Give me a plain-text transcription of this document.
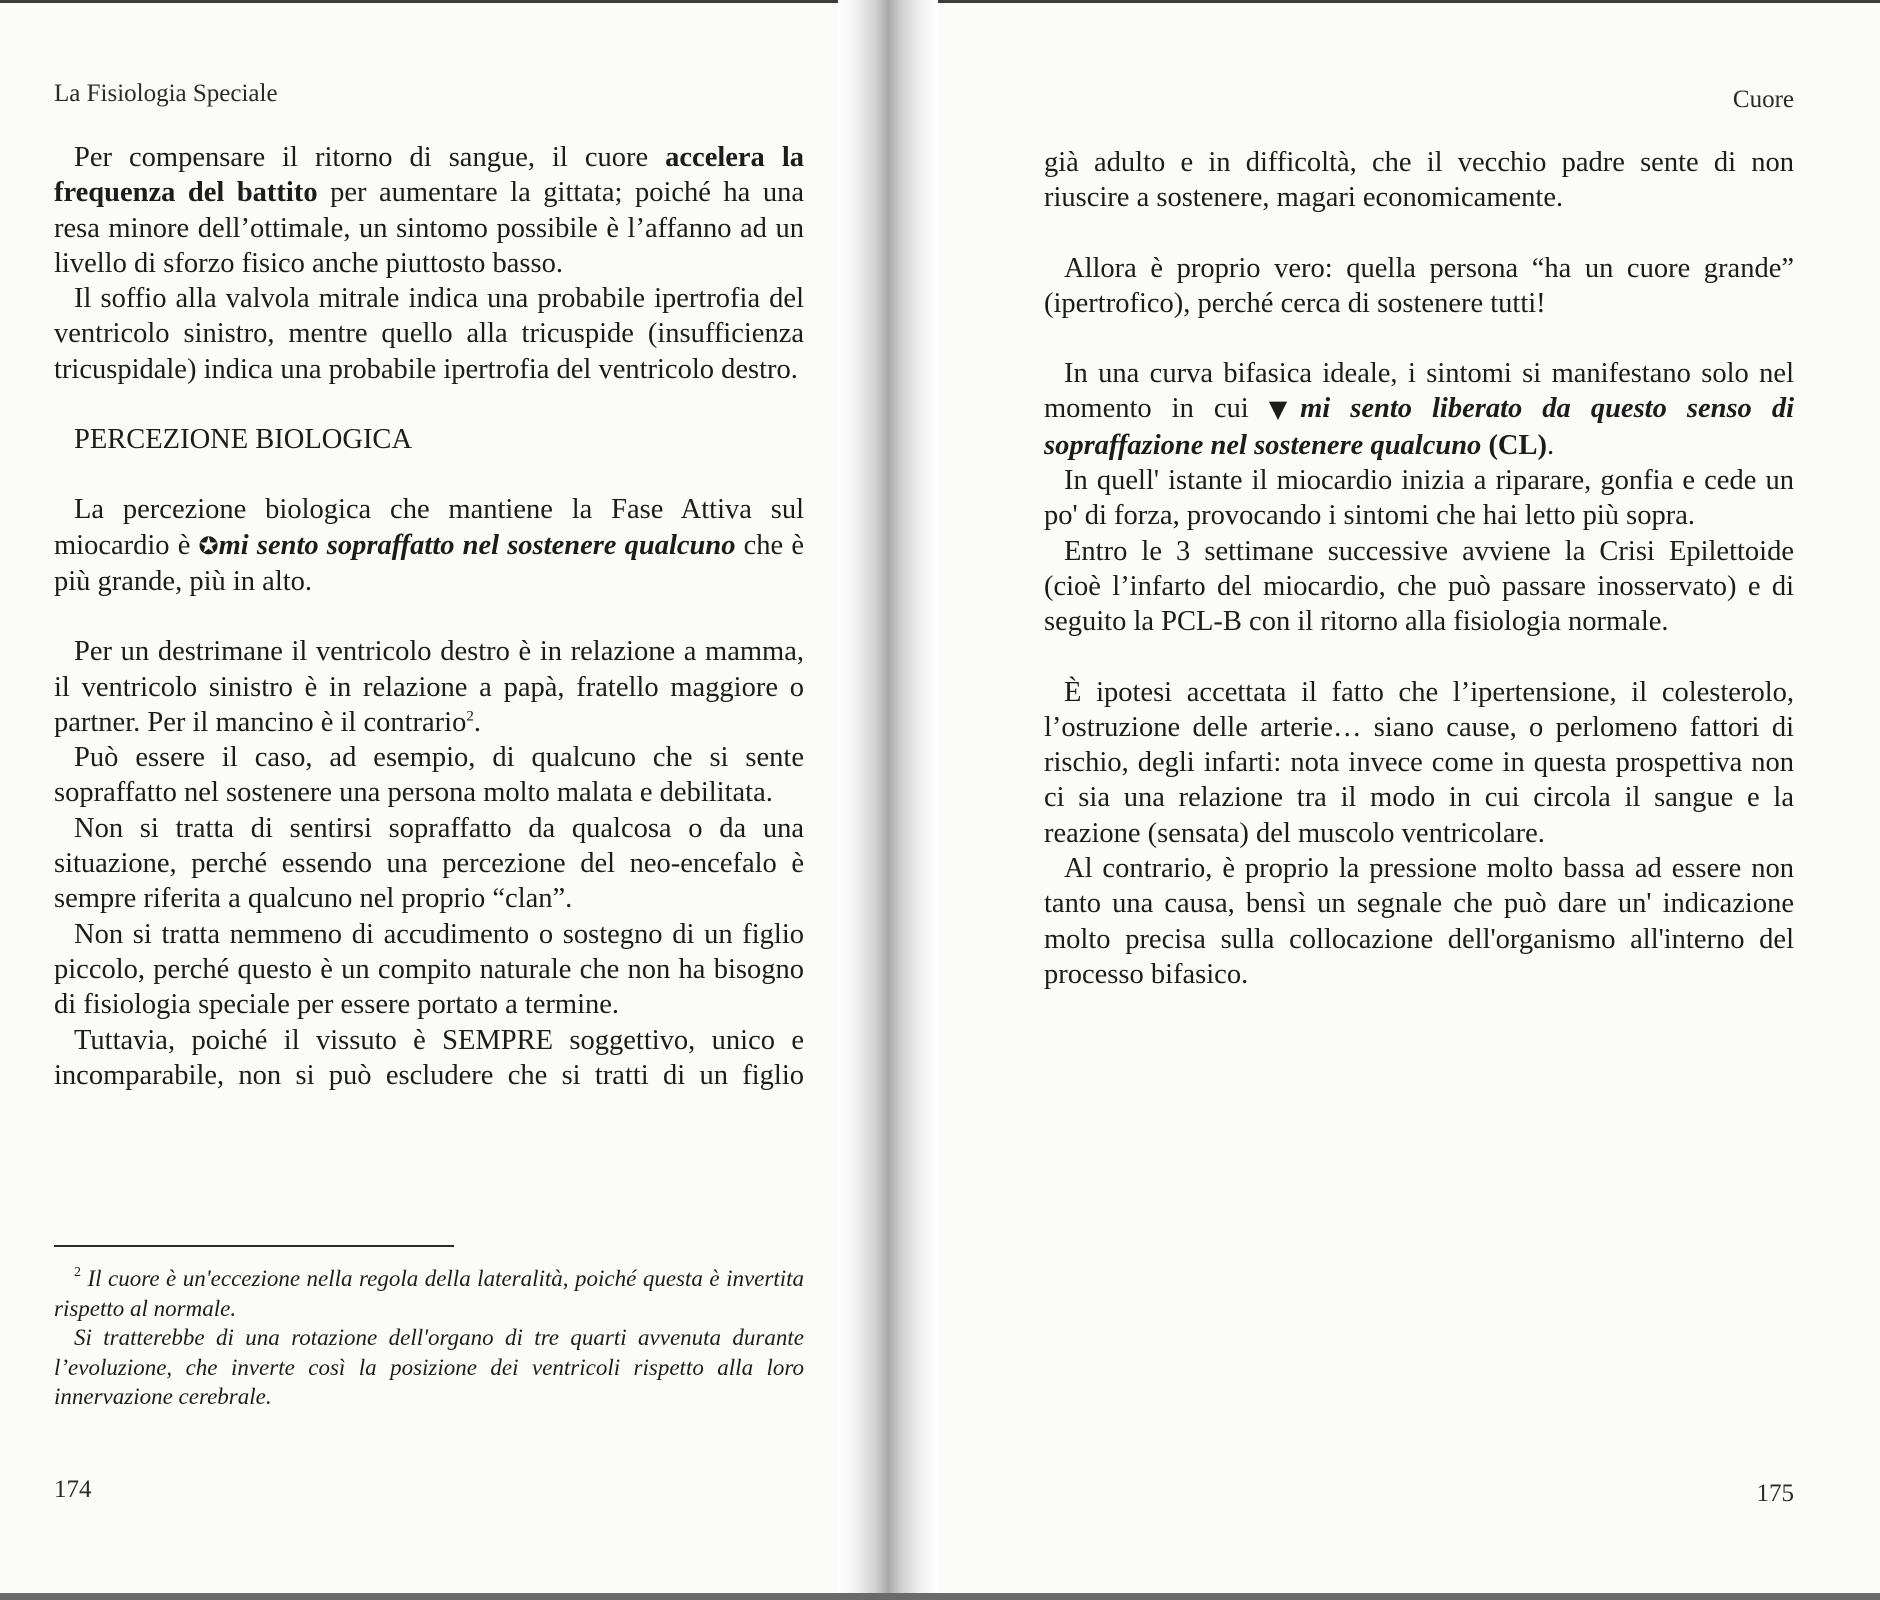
La Fisiologia Speciale

Per compensare il ritorno di sangue, il cuore accelera la frequenza del battito per aumentare la gittata; poiché ha una resa minore dell’ottimale, un sintomo possibile è l’affanno ad un livello di sforzo fisico anche piuttosto basso.

Il soffio alla valvola mitrale indica una probabile ipertrofia del ventricolo sinistro, mentre quello alla tricuspide (insufficienza tricuspidale) indica una probabile ipertrofia del ventricolo destro.

PERCEZIONE BIOLOGICA

La percezione biologica che mantiene la Fase Attiva sul miocardio è ✪mi sento sopraffatto nel sostenere qualcuno che è più grande, più in alto.

Per un destrimane il ventricolo destro è in relazione a mamma, il ventricolo sinistro è in relazione a papà, fratello maggiore o partner. Per il mancino è il contrario$^2$.

Può essere il caso, ad esempio, di qualcuno che si sente sopraffatto nel sostenere una persona molto malata e debilitata.

Non si tratta di sentirsi sopraffatto da qualcosa o da una situazione, perché essendo una percezione del neo-encefalo è sempre riferita a qualcuno nel proprio “clan”.

Non si tratta nemmeno di accudimento o sostegno di un figlio piccolo, perché questo è un compito naturale che non ha bisogno di fisiologia speciale per essere portato a termine.

Tuttavia, poiché il vissuto è SEMPRE soggettivo, unico e incomparabile, non si può escludere che si tratti di un figlio

$^2$ Il cuore è un'eccezione nella regola della lateralità, poiché questa è invertita rispetto al normale.

Si tratterebbe di una rotazione dell'organo di tre quarti avvenuta durante l’evoluzione, che inverte così la posizione dei ventricoli rispetto alla loro innervazione cerebrale.

174
Cuore

già adulto e in difficoltà, che il vecchio padre sente di non riuscire a sostenere, magari economicamente.

Allora è proprio vero: quella persona “ha un cuore grande” (ipertrofico), perché cerca di sostenere tutti!

In una curva bifasica ideale, i sintomi si manifestano solo nel momento in cui ▼mi sento liberato da questo senso di sopraffazione nel sostenere qualcuno (CL).

In quell' istante il miocardio inizia a riparare, gonfia e cede un po' di forza, provocando i sintomi che hai letto più sopra.

Entro le 3 settimane successive avviene la Crisi Epilettoide (cioè l’infarto del miocardio, che può passare inosservato) e di seguito la PCL-B con il ritorno alla fisiologia normale.

È ipotesi accettata il fatto che l’ipertensione, il colesterolo, l’ostruzione delle arterie… siano cause, o perlomeno fattori di rischio, degli infarti: nota invece come in questa prospettiva non ci sia una relazione tra il modo in cui circola il sangue e la reazione (sensata) del muscolo ventricolare.

Al contrario, è proprio la pressione molto bassa ad essere non tanto una causa, bensì un segnale che può dare un' indicazione molto precisa sulla collocazione dell'organismo all'interno del processo bifasico.

175
